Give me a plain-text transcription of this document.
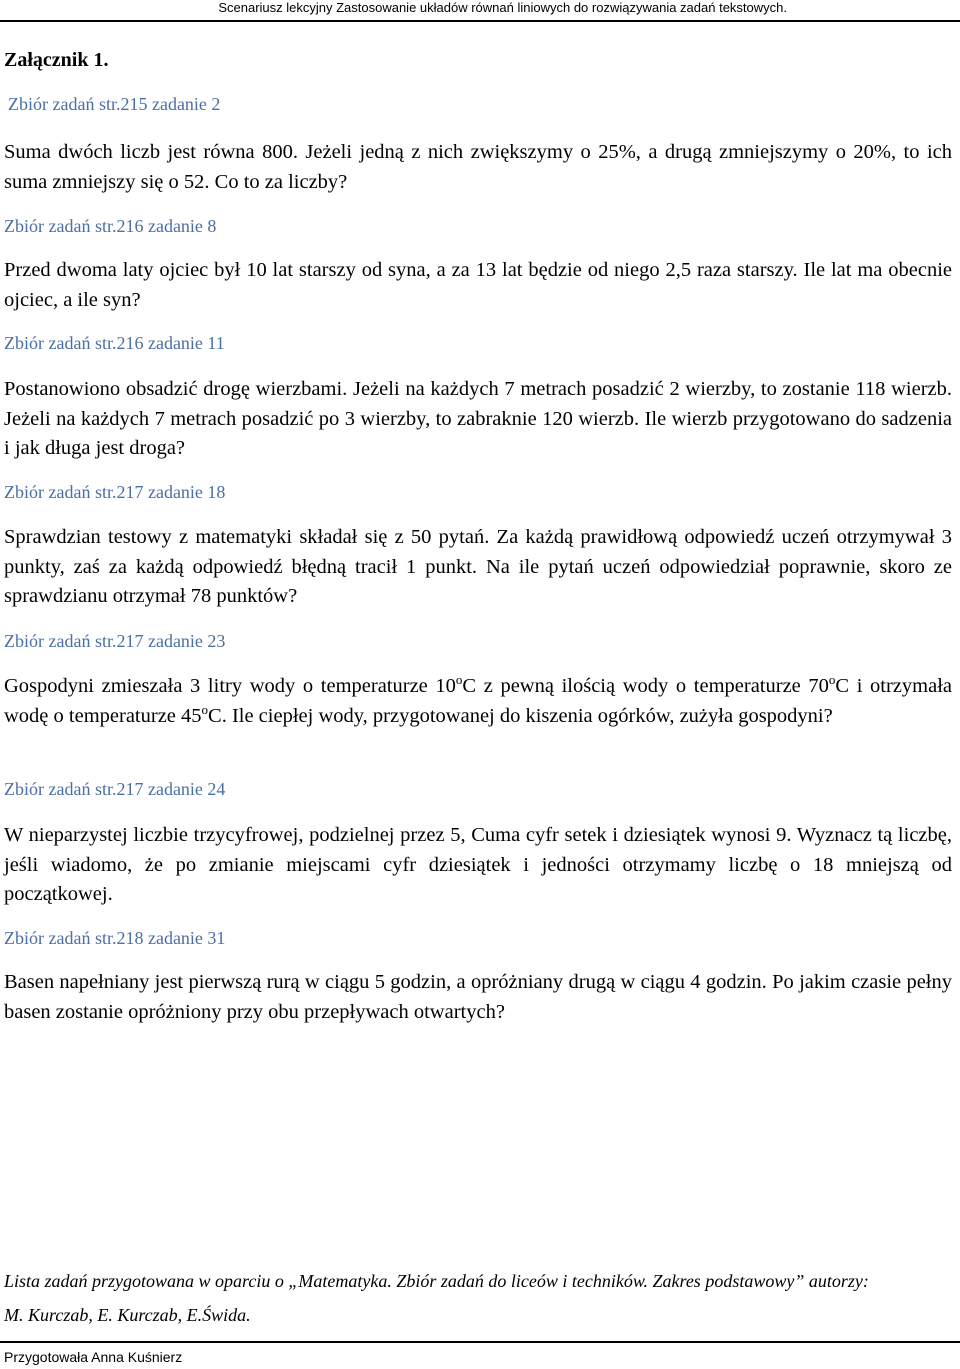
Scenariusz lekcyjny Zastosowanie układów równań liniowych do rozwiązywania zadań tekstowych.
Załącznik 1.
Zbiór zadań str.215 zadanie 2
Suma dwóch liczb jest równa 800. Jeżeli jedną z nich zwiększymy o 25%, a drugą zmniejszymy o 20%, to ich suma zmniejszy się o 52. Co to za liczby?
Zbiór zadań str.216 zadanie 8
Przed dwoma laty ojciec był 10 lat starszy od syna, a za 13 lat będzie od niego 2,5 raza starszy. Ile lat ma obecnie ojciec, a ile syn?
Zbiór zadań str.216 zadanie 11
Postanowiono obsadzić drogę wierzbami. Jeżeli na każdych 7 metrach posadzić 2 wierzby, to zostanie 118 wierzb. Jeżeli na każdych 7 metrach posadzić po 3 wierzby, to zabraknie 120 wierzb. Ile wierzb przygotowano do sadzenia i jak długa jest droga?
Zbiór zadań str.217 zadanie 18
Sprawdzian testowy z matematyki składał się z 50 pytań. Za każdą prawidłową odpowiedź uczeń otrzymywał 3 punkty, zaś za każdą odpowiedź błędną tracił 1 punkt. Na ile pytań uczeń odpowiedział poprawnie, skoro ze sprawdzianu otrzymał 78 punktów?
Zbiór zadań str.217 zadanie 23
Gospodyni zmieszała 3 litry wody o temperaturze 10$^o$C z pewną ilością wody o temperaturze 70$^o$C i otrzymała wodę o temperaturze 45$^o$C. Ile ciepłej wody, przygotowanej do kiszenia ogórków, zużyła gospodyni?
Zbiór zadań str.217 zadanie 24
W nieparzystej liczbie trzycyfrowej, podzielnej przez 5, Cuma cyfr setek i dziesiątek wynosi 9. Wyznacz tą liczbę, jeśli wiadomo, że po zmianie miejscami cyfr dziesiątek i jedności otrzymamy liczbę o 18 mniejszą od początkowej.
Zbiór zadań str.218 zadanie 31
Basen napełniany jest pierwszą rurą w ciągu 5 godzin, a opróżniany drugą w ciągu 4 godzin. Po jakim czasie pełny basen zostanie opróżniony przy obu przepływach otwartych?
Lista zadań przygotowana w oparciu o „Matematyka. Zbiór zadań do liceów i techników. Zakres podstawowy” autorzy: M. Kurczab, E. Kurczab, E.Świda.
Przygotowała Anna Kuśnierz
